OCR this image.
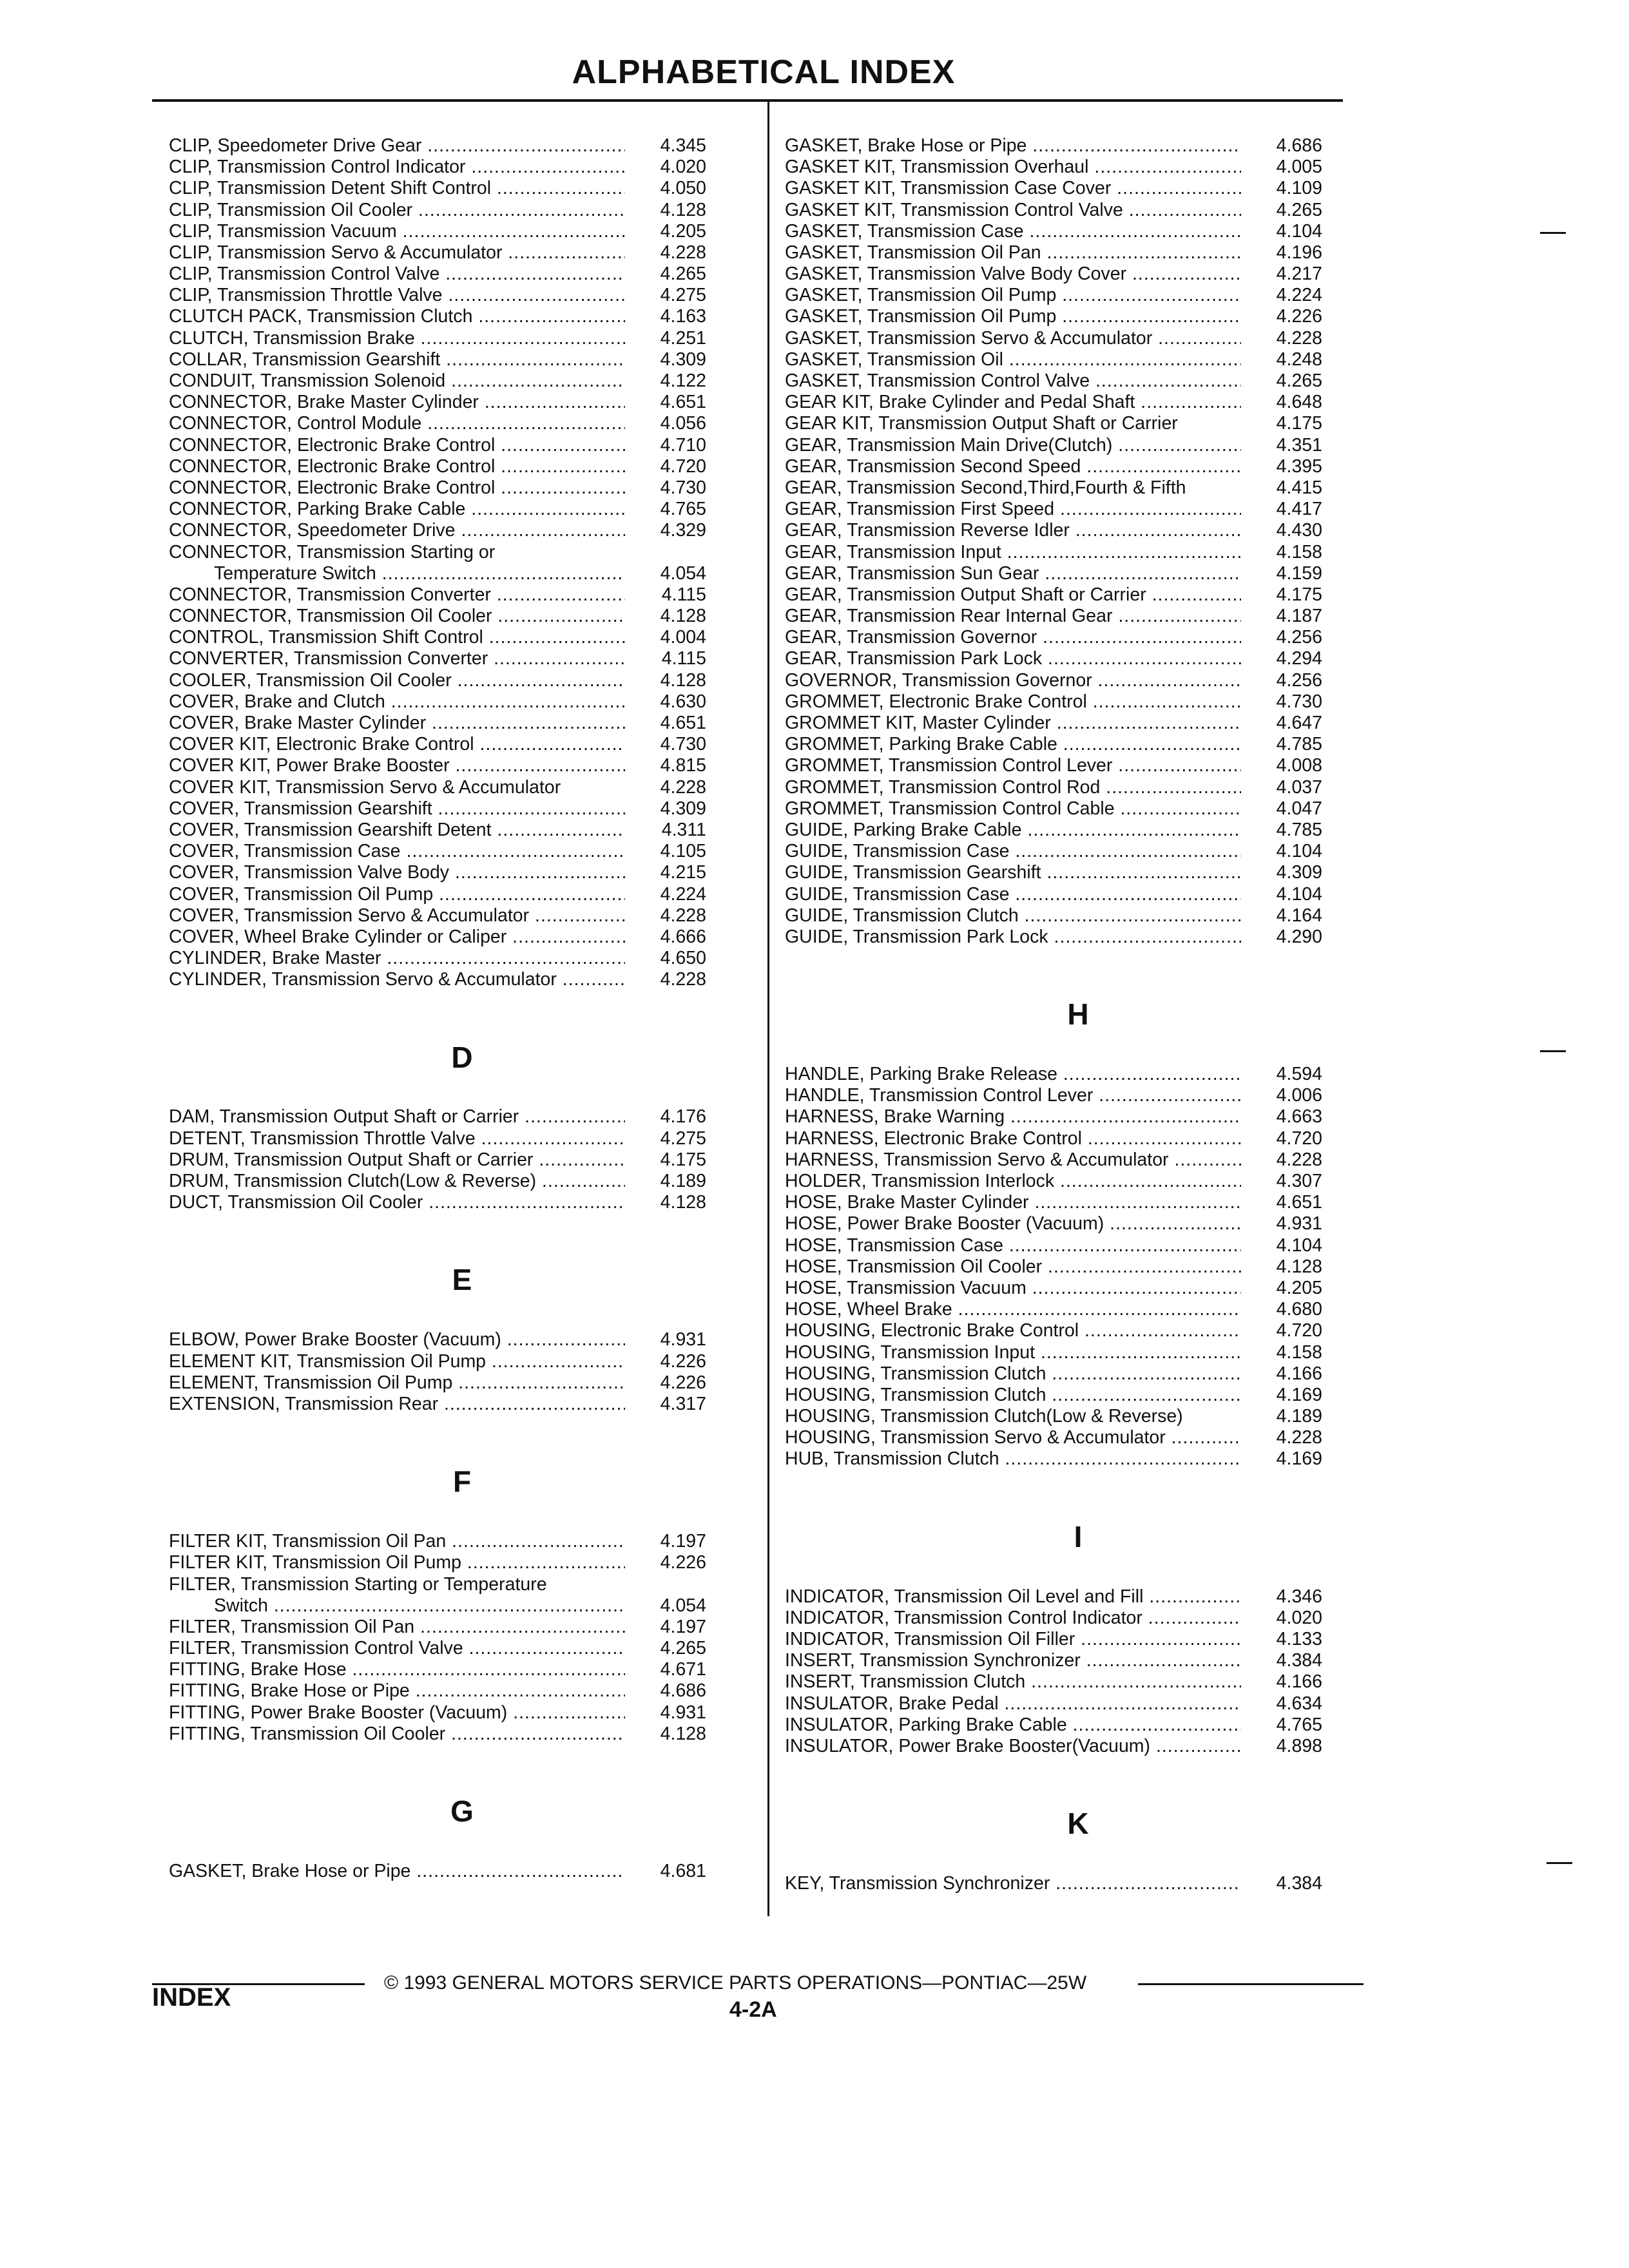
ALPHABETICAL INDEX
CLIP, Speedometer Drive Gear .....	4.345
CLIP, Transmission Control Indicator .....	4.020
CLIP, Transmission Detent Shift Control .....	4.050
CLIP, Transmission Oil Cooler .....	4.128
CLIP, Transmission Vacuum .....	4.205
CLIP, Transmission Servo & Accumulator .....	4.228
CLIP, Transmission Control Valve .....	4.265
CLIP, Transmission Throttle Valve .....	4.275
CLUTCH PACK, Transmission Clutch .....	4.163
CLUTCH, Transmission Brake .....	4.251
COLLAR, Transmission Gearshift .....	4.309
CONDUIT, Transmission Solenoid .....	4.122
CONNECTOR, Brake Master Cylinder .....	4.651
CONNECTOR, Control Module .....	4.056
CONNECTOR, Electronic Brake Control .....	4.710
CONNECTOR, Electronic Brake Control .....	4.720
CONNECTOR, Electronic Brake Control .....	4.730
CONNECTOR, Parking Brake Cable .....	4.765
CONNECTOR, Speedometer Drive .....	4.329
CONNECTOR, Transmission Starting or
Temperature Switch .....	4.054
CONNECTOR, Transmission Converter .....	4.115
CONNECTOR, Transmission Oil Cooler .....	4.128
CONTROL, Transmission Shift Control .....	4.004
CONVERTER, Transmission Converter .....	4.115
COOLER, Transmission Oil Cooler .....	4.128
COVER, Brake and Clutch .....	4.630
COVER, Brake Master Cylinder .....	4.651
COVER KIT, Electronic Brake Control .....	4.730
COVER KIT, Power Brake Booster .....	4.815
COVER KIT, Transmission Servo & Accumulator	4.228
COVER, Transmission Gearshift .....	4.309
COVER, Transmission Gearshift Detent .....	4.311
COVER, Transmission Case .....	4.105
COVER, Transmission Valve Body .....	4.215
COVER, Transmission Oil Pump .....	4.224
COVER, Transmission Servo & Accumulator .....	4.228
COVER, Wheel Brake Cylinder or Caliper .....	4.666
CYLINDER, Brake Master .....	4.650
CYLINDER, Transmission Servo & Accumulator .....	4.228
D
DAM, Transmission Output Shaft or Carrier .....	4.176
DETENT, Transmission Throttle Valve .....	4.275
DRUM, Transmission Output Shaft or Carrier .....	4.175
DRUM, Transmission Clutch(Low & Reverse) .....	4.189
DUCT, Transmission Oil Cooler .....	4.128
E
ELBOW, Power Brake Booster (Vacuum) .....	4.931
ELEMENT KIT, Transmission Oil Pump .....	4.226
ELEMENT, Transmission Oil Pump .....	4.226
EXTENSION, Transmission Rear .....	4.317
F
FILTER KIT, Transmission Oil Pan .....	4.197
FILTER KIT, Transmission Oil Pump .....	4.226
FILTER, Transmission Starting or Temperature
Switch .....	4.054
FILTER, Transmission Oil Pan .....	4.197
FILTER, Transmission Control Valve .....	4.265
FITTING, Brake Hose .....	4.671
FITTING, Brake Hose or Pipe .....	4.686
FITTING, Power Brake Booster (Vacuum) .....	4.931
FITTING, Transmission Oil Cooler .....	4.128
G
GASKET, Brake Hose or Pipe .....	4.681
GASKET, Brake Hose or Pipe .....	4.686
GASKET KIT, Transmission Overhaul .....	4.005
GASKET KIT, Transmission Case Cover .....	4.109
GASKET KIT, Transmission Control Valve .....	4.265
GASKET, Transmission Case .....	4.104
GASKET, Transmission Oil Pan .....	4.196
GASKET, Transmission Valve Body Cover .....	4.217
GASKET, Transmission Oil Pump .....	4.224
GASKET, Transmission Oil Pump .....	4.226
GASKET, Transmission Servo & Accumulator .....	4.228
GASKET, Transmission Oil .....	4.248
GASKET, Transmission Control Valve .....	4.265
GEAR KIT, Brake Cylinder and Pedal Shaft .....	4.648
GEAR KIT, Transmission Output Shaft or Carrier	4.175
GEAR, Transmission Main Drive(Clutch) .....	4.351
GEAR, Transmission Second Speed .....	4.395
GEAR, Transmission Second,Third,Fourth & Fifth	4.415
GEAR, Transmission First Speed .....	4.417
GEAR, Transmission Reverse Idler .....	4.430
GEAR, Transmission Input .....	4.158
GEAR, Transmission Sun Gear .....	4.159
GEAR, Transmission Output Shaft or Carrier .....	4.175
GEAR, Transmission Rear Internal Gear .....	4.187
GEAR, Transmission Governor .....	4.256
GEAR, Transmission Park Lock .....	4.294
GOVERNOR, Transmission Governor .....	4.256
GROMMET, Electronic Brake Control .....	4.730
GROMMET KIT, Master Cylinder .....	4.647
GROMMET, Parking Brake Cable .....	4.785
GROMMET, Transmission Control Lever .....	4.008
GROMMET, Transmission Control Rod .....	4.037
GROMMET, Transmission Control Cable .....	4.047
GUIDE, Parking Brake Cable .....	4.785
GUIDE, Transmission Case .....	4.104
GUIDE, Transmission Gearshift .....	4.309
GUIDE, Transmission Case .....	4.104
GUIDE, Transmission Clutch .....	4.164
GUIDE, Transmission Park Lock .....	4.290
H
HANDLE, Parking Brake Release .....	4.594
HANDLE, Transmission Control Lever .....	4.006
HARNESS, Brake Warning .....	4.663
HARNESS, Electronic Brake Control .....	4.720
HARNESS, Transmission Servo & Accumulator .....	4.228
HOLDER, Transmission Interlock .....	4.307
HOSE, Brake Master Cylinder .....	4.651
HOSE, Power Brake Booster (Vacuum) .....	4.931
HOSE, Transmission Case .....	4.104
HOSE, Transmission Oil Cooler .....	4.128
HOSE, Transmission Vacuum .....	4.205
HOSE, Wheel Brake .....	4.680
HOUSING, Electronic Brake Control .....	4.720
HOUSING, Transmission Input .....	4.158
HOUSING, Transmission Clutch .....	4.166
HOUSING, Transmission Clutch .....	4.169
HOUSING, Transmission Clutch(Low & Reverse)	4.189
HOUSING, Transmission Servo & Accumulator .....	4.228
HUB, Transmission Clutch .....	4.169
I
INDICATOR, Transmission Oil Level and Fill .....	4.346
INDICATOR, Transmission Control Indicator .....	4.020
INDICATOR, Transmission Oil Filler .....	4.133
INSERT, Transmission Synchronizer .....	4.384
INSERT, Transmission Clutch .....	4.166
INSULATOR, Brake Pedal .....	4.634
INSULATOR, Parking Brake Cable .....	4.765
INSULATOR, Power Brake Booster(Vacuum) .....	4.898
K
KEY, Transmission Synchronizer .....	4.384
© 1993 GENERAL MOTORS SERVICE PARTS OPERATIONS—PONTIAC—25W
INDEX	4-2A
